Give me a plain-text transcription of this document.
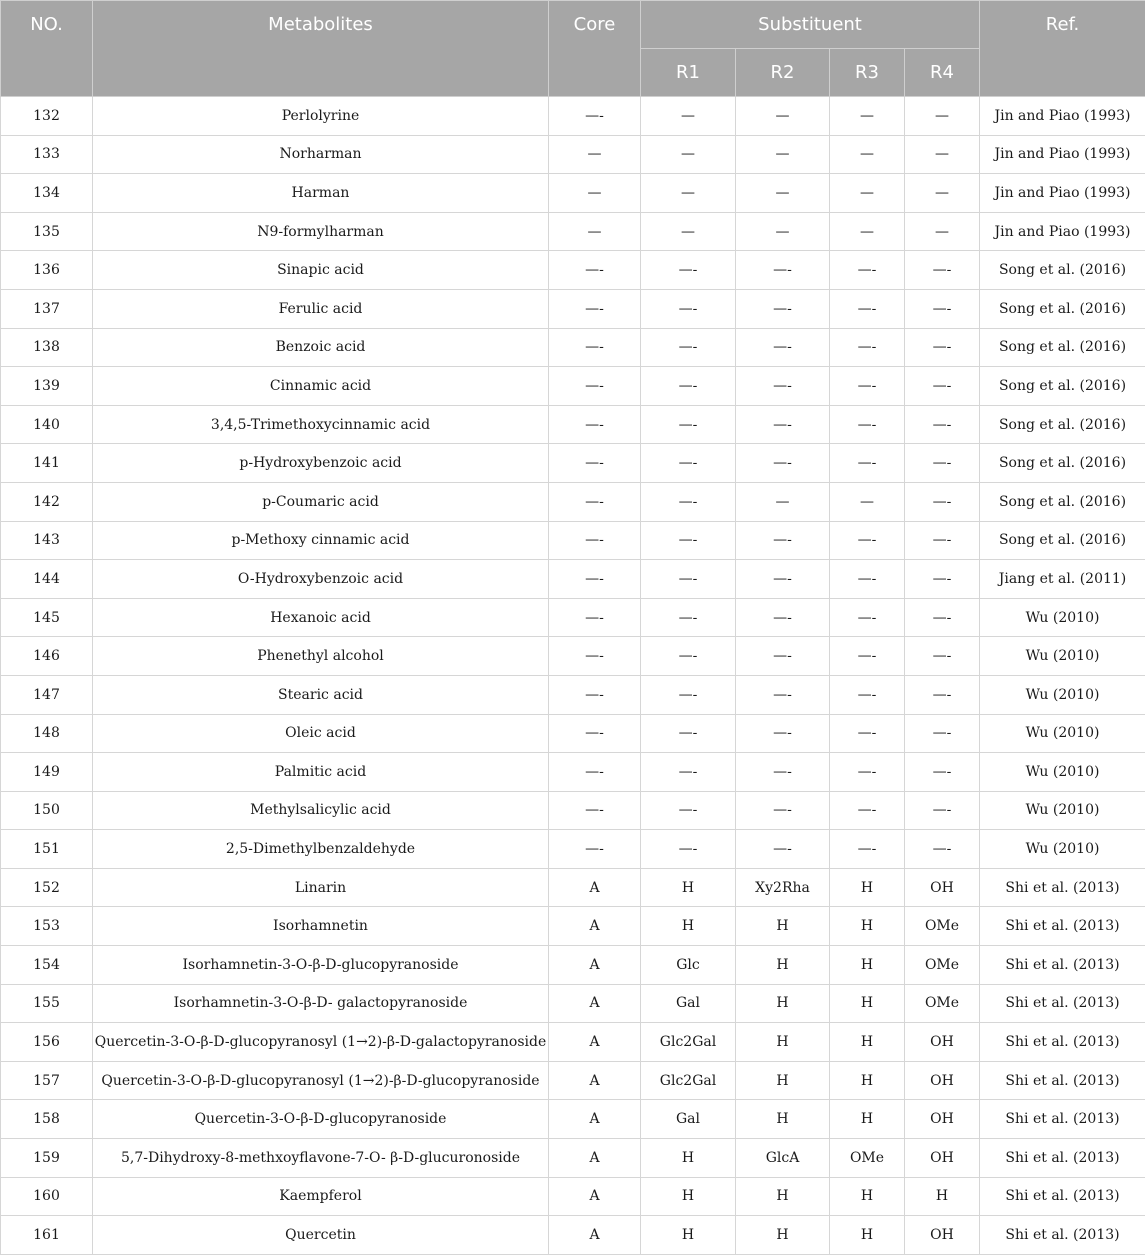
NO.	Metabolites	Core	Substituent				Ref.
			R1	R2	R3	R4	
132	Perlolyrine	—-	—	—	—	—	Jin and Piao (1993)
133	Norharman	—	—	—	—	—	Jin and Piao (1993)
134	Harman	—	—	—	—	—	Jin and Piao (1993)
135	N9-formylharman	—	—	—	—	—	Jin and Piao (1993)
136	Sinapic acid	—-	—-	—-	—-	—-	Song et al. (2016)
137	Ferulic acid	—-	—-	—-	—-	—-	Song et al. (2016)
138	Benzoic acid	—-	—-	—-	—-	—-	Song et al. (2016)
139	Cinnamic acid	—-	—-	—-	—-	—-	Song et al. (2016)
140	3,4,5-Trimethoxycinnamic acid	—-	—-	—-	—-	—-	Song et al. (2016)
141	p-Hydroxybenzoic acid	—-	—-	—-	—-	—-	Song et al. (2016)
142	p-Coumaric acid	—-	—-	—	—	—-	Song et al. (2016)
143	p-Methoxy cinnamic acid	—-	—-	—-	—-	—-	Song et al. (2016)
144	O-Hydroxybenzoic acid	—-	—-	—-	—-	—-	Jiang et al. (2011)
145	Hexanoic acid	—-	—-	—-	—-	—-	Wu (2010)
146	Phenethyl alcohol	—-	—-	—-	—-	—-	Wu (2010)
147	Stearic acid	—-	—-	—-	—-	—-	Wu (2010)
148	Oleic acid	—-	—-	—-	—-	—-	Wu (2010)
149	Palmitic acid	—-	—-	—-	—-	—-	Wu (2010)
150	Methylsalicylic acid	—-	—-	—-	—-	—-	Wu (2010)
151	2,5-Dimethylbenzaldehyde	—-	—-	—-	—-	—-	Wu (2010)
152	Linarin	A	H	Xy2Rha	H	OH	Shi et al. (2013)
153	Isorhamnetin	A	H	H	H	OMe	Shi et al. (2013)
154	Isorhamnetin-3-O-β-D-glucopyranoside	A	Glc	H	H	OMe	Shi et al. (2013)
155	Isorhamnetin-3-O-β-D- galactopyranoside	A	Gal	H	H	OMe	Shi et al. (2013)
156	Quercetin-3-O-β-D-glucopyranosyl (1→2)-β-D-galactopyranoside	A	Glc2Gal	H	H	OH	Shi et al. (2013)
157	Quercetin-3-O-β-D-glucopyranosyl (1→2)-β-D-glucopyranoside	A	Glc2Gal	H	H	OH	Shi et al. (2013)
158	Quercetin-3-O-β-D-glucopyranoside	A	Gal	H	H	OH	Shi et al. (2013)
159	5,7-Dihydroxy-8-methxoyflavone-7-O- β-D-glucuronoside	A	H	GlcA	OMe	OH	Shi et al. (2013)
160	Kaempferol	A	H	H	H	H	Shi et al. (2013)
161	Quercetin	A	H	H	H	OH	Shi et al. (2013)
